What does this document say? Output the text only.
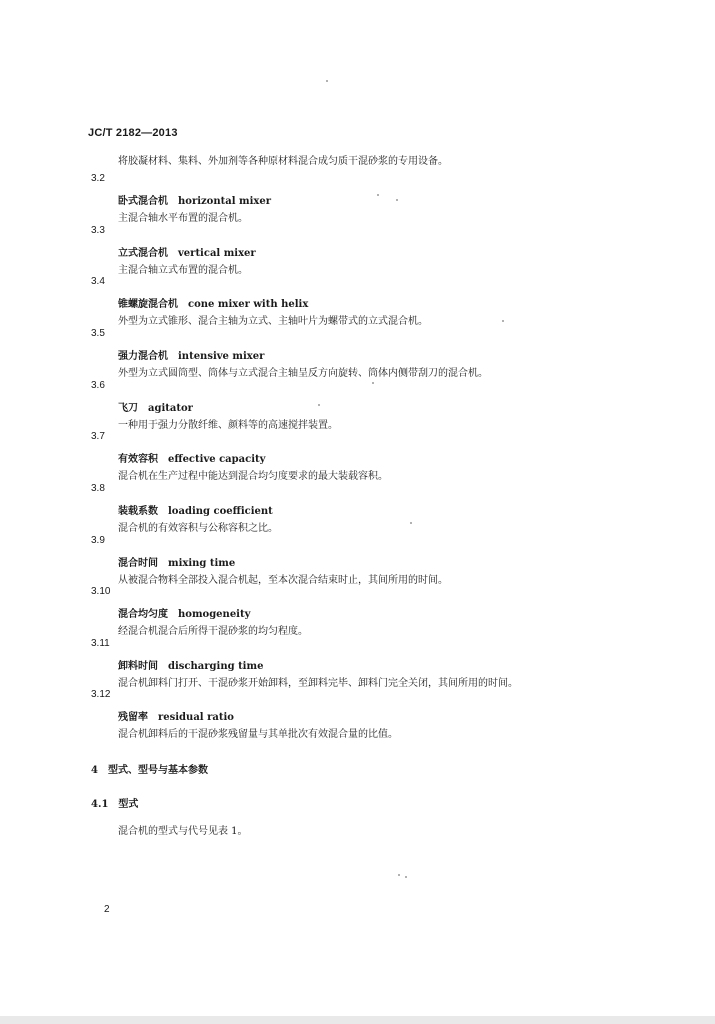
JC/T 2182—2013
将胶凝材料、集料、外加剂等各种原材料混合成匀质干混砂浆的专用设备。
3.2
卧式混合机 horizontal mixer
主混合轴水平布置的混合机。
3.3
立式混合机 vertical mixer
主混合轴立式布置的混合机。
3.4
锥螺旋混合机 cone mixer with helix
外型为立式锥形、混合主轴为立式、主轴叶片为螺带式的立式混合机。
3.5
强力混合机 intensive mixer
外型为立式圆筒型、筒体与立式混合主轴呈反方向旋转、筒体内侧带刮刀的混合机。
3.6
飞刀 agitator
一种用于强力分散纤维、颜料等的高速搅拌装置。
3.7
有效容积 effective capacity
混合机在生产过程中能达到混合均匀度要求的最大装载容积。
3.8
装载系数 loading coefficient
混合机的有效容积与公称容积之比。
3.9
混合时间 mixing time
从被混合物料全部投入混合机起，至本次混合结束时止，其间所用的时间。
3.10
混合均匀度 homogeneity
经混合机混合后所得干混砂浆的均匀程度。
3.11
卸料时间 discharging time
混合机卸料门打开、干混砂浆开始卸料，至卸料完毕、卸料门完全关闭，其间所用的时间。
3.12
残留率 residual ratio
混合机卸料后的干混砂浆残留量与其单批次有效混合量的比值。
4　型式、型号与基本参数
4.1　型式
混合机的型式与代号见表 1。
2
